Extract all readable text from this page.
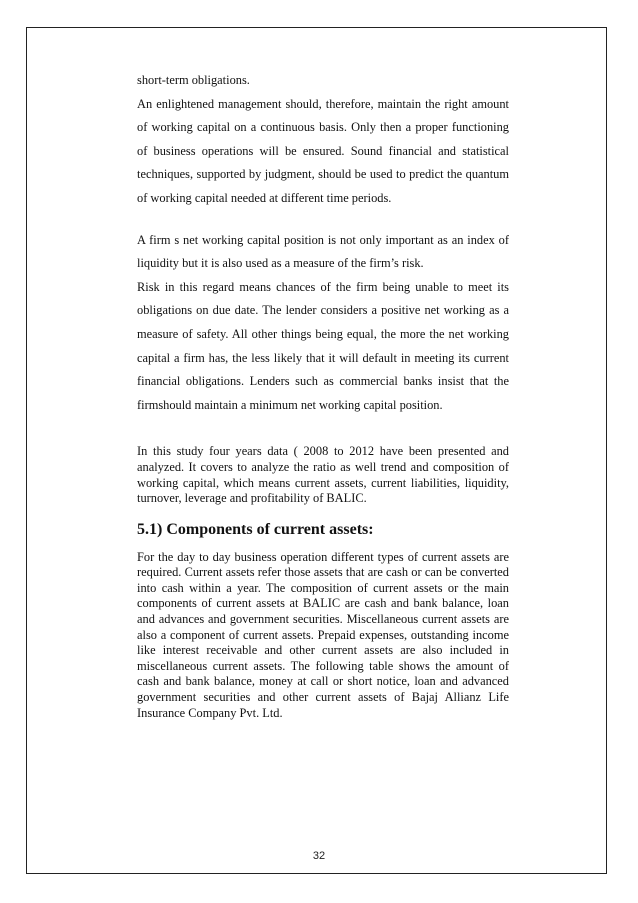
short-term obligations.

An enlightened management should, therefore, maintain the right amount of working capital on a continuous basis. Only then a proper functioning of business operations will be ensured. Sound financial and statistical techniques, supported by judgment, should be used to predict the quantum of working capital needed at different time periods.

A firm s net working capital position is not only important as an index of liquidity but it is also used as a measure of the firm’s risk.

Risk in this regard means chances of the firm being unable to meet its obligations on due date. The lender considers a positive net working as a measure of safety. All other things being equal, the more the net working capital a firm has, the less likely that it will default in meeting its current financial obligations. Lenders such as commercial banks insist that the firmshould maintain a minimum net working capital position.

In this study four years data ( 2008 to 2012 have been presented and analyzed. It covers to analyze the ratio as well trend and composition of working capital, which means current assets, current liabilities, liquidity, turnover, leverage and profitability of BALIC.

5.1) Components of current assets:

For the day to day business operation different types of current assets are required. Current assets refer those assets that are cash or can be converted into cash within a year. The composition of current assets or the main components of current assets at BALIC are cash and bank balance, loan and advances and government securities. Miscellaneous current assets are also a component of current assets. Prepaid expenses, outstanding income like interest receivable and other current assets are also included in miscellaneous current assets. The following table shows the amount of cash and bank balance, money at call or short notice, loan and advanced government securities and other current assets of Bajaj Allianz Life Insurance Company Pvt. Ltd.

32
